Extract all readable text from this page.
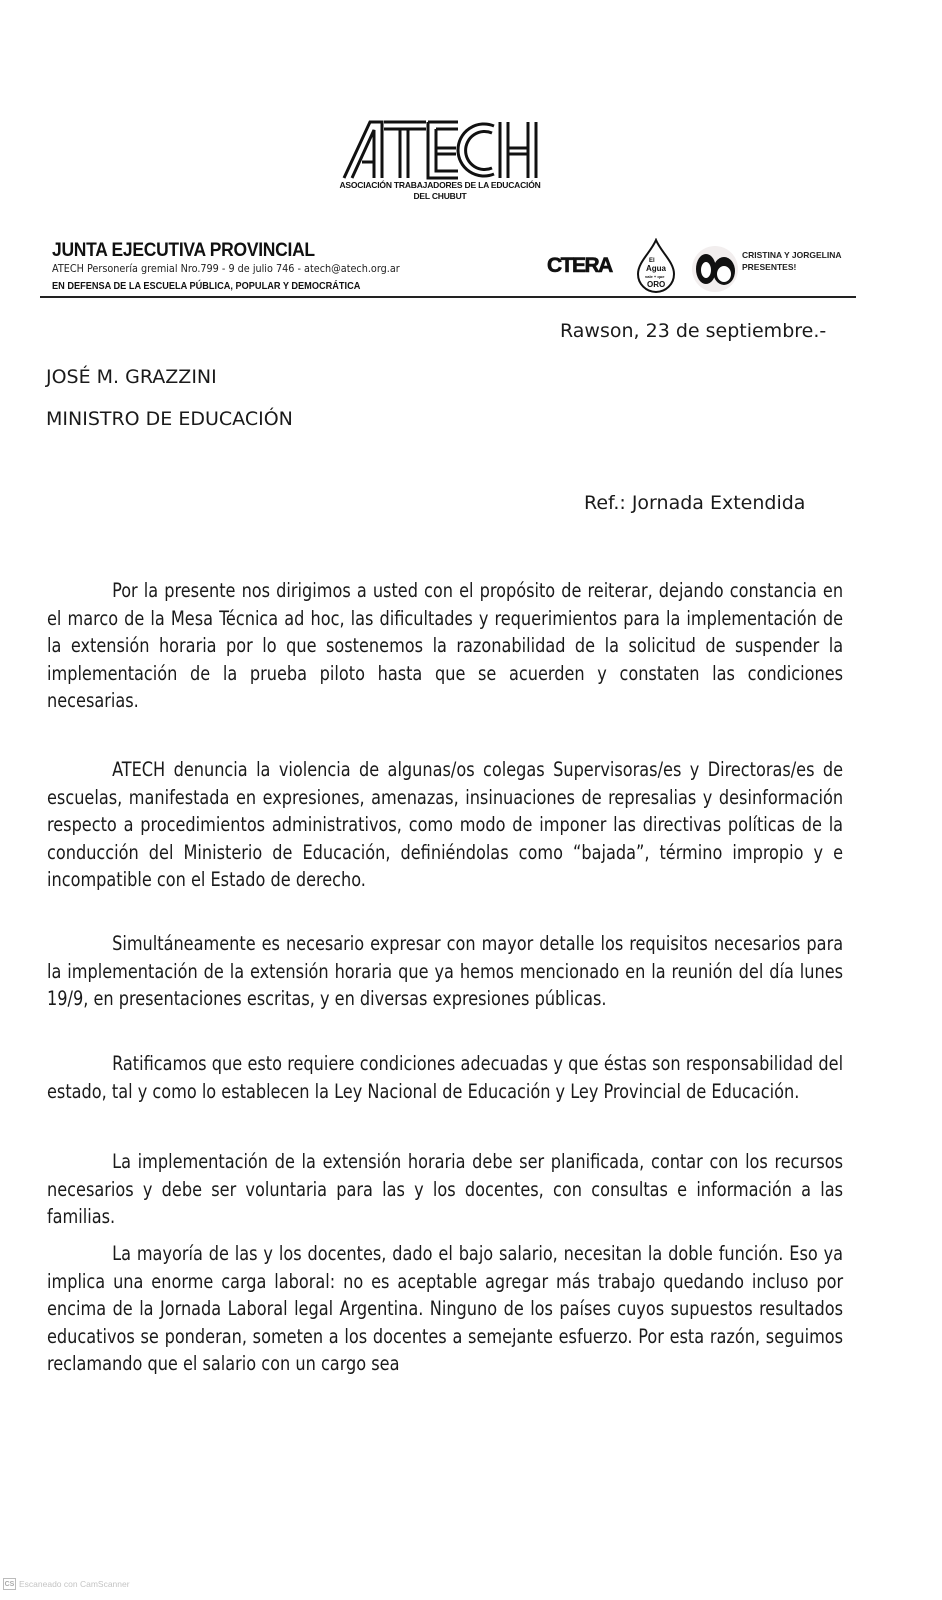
ASOCIACIÓN TRABAJADORES DE LA EDUCACIÓN
DEL CHUBUT
JUNTA EJECUTIVA PROVINCIAL
ATECH Personería gremial Nro.799 - 9 de julio 746 - atech@atech.org.ar
EN DEFENSA DE LA ESCUELA PÚBLICA, POPULAR Y DEMOCRÁTICA
CTERA	El
Agua
vale + que
ORO
CRISTINA Y JORGELINA
PRESENTES!
Rawson, 23 de septiembre.-
JOSÉ M. GRAZZINI
MINISTRO DE EDUCACIÓN
Ref.: Jornada Extendida

Por la presente nos dirigimos a usted con el propósito de reiterar, dejando constancia en el marco de la Mesa Técnica ad hoc, las dificultades y requerimientos para la implementación de la extensión horaria por lo que sostenemos la razonabilidad de la solicitud de suspender la implementación de la prueba piloto hasta que se acuerden y constaten las condiciones necesarias.

ATECH denuncia la violencia de algunas/os colegas Supervisoras/es y Directoras/es de escuelas, manifestada en expresiones, amenazas, insinuaciones de represalias y desinformación respecto a procedimientos administrativos, como modo de imponer las directivas políticas de la conducción del Ministerio de Educación, definiéndolas como “bajada”, término impropio y e incompatible con el Estado de derecho.

Simultáneamente es necesario expresar con mayor detalle los requisitos necesarios para la implementación de la extensión horaria que ya hemos mencionado en la reunión del día lunes 19/9, en presentaciones escritas, y en diversas expresiones públicas.

Ratificamos que esto requiere condiciones adecuadas y que éstas son responsabilidad del estado, tal y como lo establecen la Ley Nacional de Educación y Ley Provincial de Educación.

La implementación de la extensión horaria debe ser planificada, contar con los recursos necesarios y debe ser voluntaria para las y los docentes, con consultas e información a las familias.

La mayoría de las y los docentes, dado el bajo salario, necesitan la doble función. Eso ya implica una enorme carga laboral: no es aceptable agregar más trabajo quedando incluso por encima de la Jornada Laboral legal Argentina. Ninguno de los países cuyos supuestos resultados educativos se ponderan, someten a los docentes a semejante esfuerzo. Por esta razón, seguimos reclamando que el salario con un cargo sea

CS Escaneado con CamScanner
